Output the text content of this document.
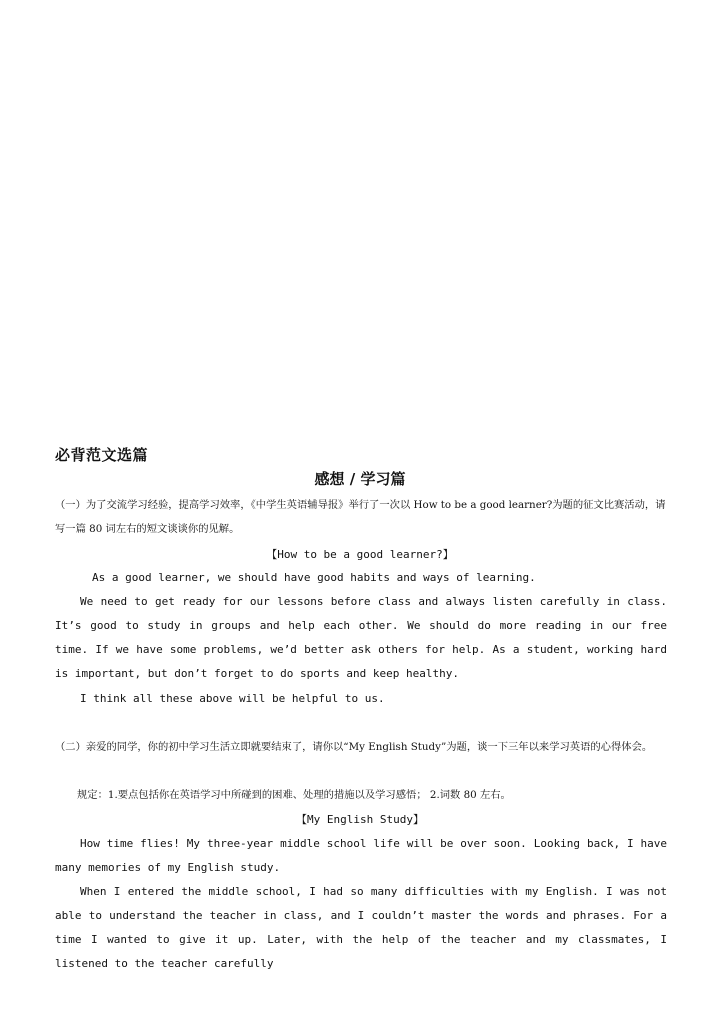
必背范文选篇
感想 / 学习篇
（一）为了交流学习经验，提高学习效率，《中学生英语辅导报》举行了一次以 How to be a good learner?为题的征文比赛活动，请写一篇 80 词左右的短文谈谈你的见解。
【How to be a good learner?】
As a good learner, we should have good habits and ways of learning.
We need to get ready for our lessons before class and always listen carefully in class. It’s good to study in groups and help each other. We should do more reading in our free time. If we have some problems, we’d better ask others for help. As a student, working hard is important, but don’t forget to do sports and keep healthy.
I think all these above will be helpful to us.
（二）亲爱的同学，你的初中学习生活立即就要结束了，请你以“My English Study”为题，谈一下三年以来学习英语的心得体会。
规定：1.要点包括你在英语学习中所碰到的困难、处理的措施以及学习感悟； 2.词数 80 左右。
【My English Study】
How time flies! My three-year middle school life will be over soon. Looking back, I have many memories of my English study.
When I entered the middle school, I had so many difficulties with my English. I was not able to understand the teacher in class, and I couldn’t master the words and phrases. For a time I wanted to give it up. Later, with the help of the teacher and my classmates, I listened to the teacher carefully
